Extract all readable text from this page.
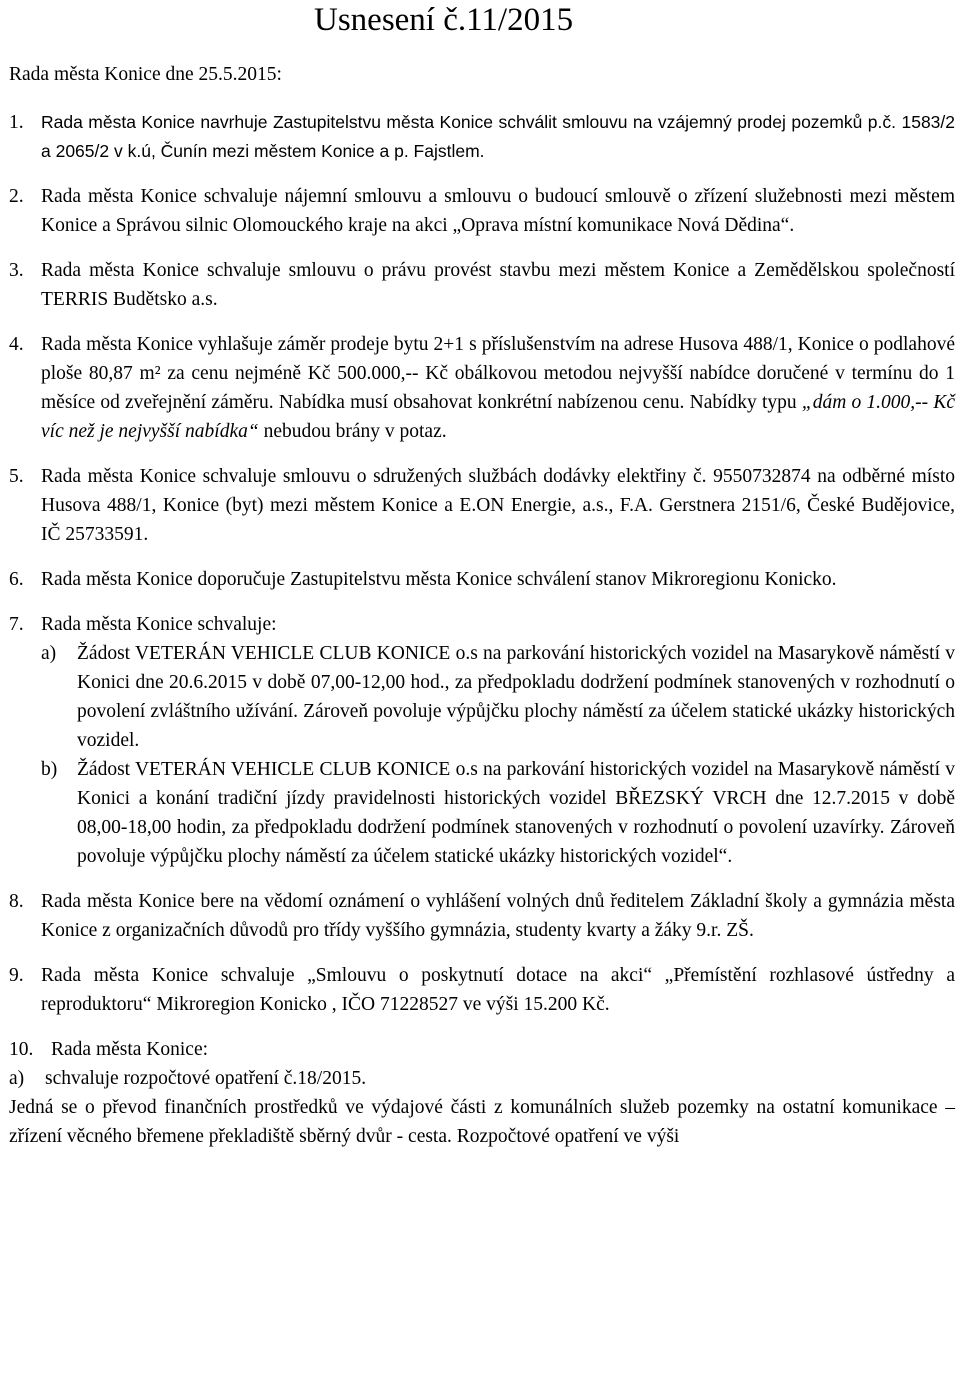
Usnesení č.11/2015
Rada města Konice dne 25.5.2015:
1. Rada města Konice navrhuje Zastupitelstvu města Konice schválit smlouvu na vzájemný prodej pozemků p.č. 1583/2 a 2065/2 v k.ú, Čunín mezi městem Konice a p. Fajstlem.
2. Rada města Konice schvaluje nájemní smlouvu a smlouvu o budoucí smlouvě o zřízení služebnosti mezi městem Konice a Správou silnic Olomouckého kraje na akci „Oprava místní komunikace Nová Dědina“.
3. Rada města Konice schvaluje smlouvu o právu provést stavbu mezi městem Konice a Zemědělskou společností TERRIS Budětsko a.s.
4. Rada města Konice vyhlašuje záměr prodeje bytu 2+1 s příslušenstvím na adrese Husova 488/1, Konice o podlahové ploše 80,87 m² za cenu nejméně Kč 500.000,-- Kč obálkovou metodou nejvyšší nabídce doručené v termínu do 1 měsíce od zveřejnění záměru. Nabídka musí obsahovat konkrétní nabízenou cenu. Nabídky typu „dám o 1.000,-- Kč víc než je nejvyšší nabídka“ nebudou brány v potaz.
5. Rada města Konice schvaluje smlouvu o sdružených službách dodávky elektřiny č. 9550732874 na odběrné místo Husova 488/1, Konice (byt) mezi městem Konice a E.ON Energie, a.s., F.A. Gerstnera 2151/6, České Budějovice, IČ 25733591.
6. Rada města Konice doporučuje Zastupitelstvu města Konice schválení stanov Mikroregionu Konicko.
7. Rada města Konice schvaluje:
a)	Žádost VETERÁN VEHICLE CLUB KONICE o.s na parkování historických vozidel na Masarykově náměstí v Konici dne 20.6.2015 v době 07,00-12,00 hod., za předpokladu dodržení podmínek stanovených v rozhodnutí o povolení zvláštního užívání. Zároveň povoluje výpůjčku plochy náměstí za účelem statické ukázky historických vozidel.
b)	Žádost VETERÁN VEHICLE CLUB KONICE o.s na parkování historických vozidel na Masarykově náměstí v Konici a konání tradiční jízdy pravidelnosti historických vozidel BŘEZSKÝ VRCH dne 12.7.2015 v době 08,00-18,00 hodin, za předpokladu dodržení podmínek stanovených v rozhodnutí o povolení uzavírky. Zároveň povoluje výpůjčku plochy náměstí za účelem statické ukázky historických vozidel“.
8. Rada města Konice bere na vědomí oznámení o vyhlášení volných dnů ředitelem Základní školy a gymnázia města Konice z organizačních důvodů pro třídy vyššího gymnázia, studenty kvarty a žáky 9.r. ZŠ.
9. Rada města Konice schvaluje „Smlouvu o poskytnutí dotace na akci“ „Přemístění rozhlasové ústředny a reproduktoru“ Mikroregion Konicko , IČO 71228527 ve výši 15.200 Kč.
10. Rada města Konice:
a)	schvaluje rozpočtové opatření č.18/2015.
Jedná se o převod finančních prostředků ve výdajové části z komunálních služeb pozemky na ostatní komunikace – zřízení věcného břemene překladiště sběrný dvůr - cesta. Rozpočtové opatření ve výši
